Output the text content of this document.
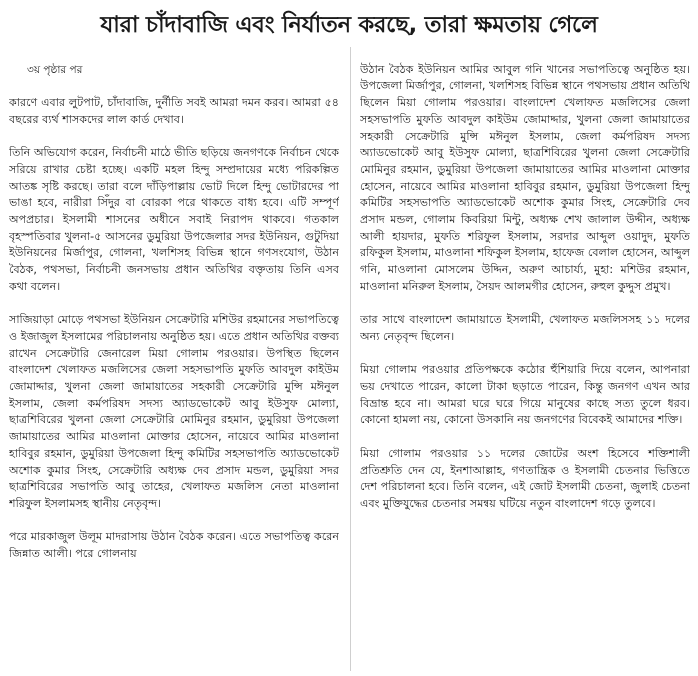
যারা চাঁদাবাজি এবং নির্যাতন করছে, তারা ক্ষমতায় গেলে

৩য় পৃষ্ঠার পর

কারণে এবার লুটপাট, চাঁদাবাজি, দুর্নীতি সবই আমরা দমন করব। আমরা ৫৪ বছরের ব্যর্থ শাসকদের লাল কার্ড দেখাব।

তিনি অভিযোগ করেন, নির্বাচনী মাঠে ভীতি ছড়িয়ে জনগণকে নির্বাচন থেকে সরিয়ে রাখার চেষ্টা হচ্ছে। একটি মহল হিন্দু সম্প্রদায়ের মধ্যে পরিকল্পিত আতঙ্ক সৃষ্টি করছে। তারা বলে দাঁড়িপাল্লায় ভোট দিলে হিন্দু ভোটারদের পা ভাঙা হবে, নারীরা সিঁদুর বা বোরকা পরে থাকতে বাধ্য হবে। এটি সম্পূর্ণ অপপ্রচার। ইসলামী শাসনের অধীনে সবাই নিরাপদ থাকবে। গতকাল বৃহস্পতিবার খুলনা-৫ আসনের ডুমুরিয়া উপজেলার সদর ইউনিয়ন, গুটুদিয়া ইউনিয়নের মির্জাপুর, গোলনা, খলশিসহ বিভিন্ন স্থানে গণসংযোগ, উঠান বৈঠক, পথসভা, নির্বাচনী জনসভায় প্রধান অতিথির বক্তৃতায় তিনি এসব কথা বলেন।

সাজিয়াড়া মোড়ে পথসভা ইউনিয়ন সেক্রেটারি মশিউর রহমানের সভাপতিত্বে ও ইজাজুল ইসলামের পরিচালনায় অনুষ্ঠিত হয়। এতে প্রধান অতিথির বক্তব্য রাখেন সেক্রেটারি জেনারেল মিয়া গোলাম পরওয়ার। উপস্থিত ছিলেন বাংলাদেশ খেলাফত মজলিসের জেলা সহসভাপতি মুফতি আবদুল কাইউম জোমাদ্দার, খুলনা জেলা জামায়াতের সহকারী সেক্রেটারি মুন্সি মঈনুল ইসলাম, জেলা কর্মপরিষদ সদস্য অ্যাডভোকেট আবু ইউসুফ মোল্যা, ছাত্রশিবিরের খুলনা জেলা সেক্রেটারি মোমিনুর রহমান, ডুমুরিয়া উপজেলা জামায়াতের আমির মাওলানা মোক্তার হোসেন, নায়েবে আমির মাওলানা হাবিবুর রহমান, ডুমুরিয়া উপজেলা হিন্দু কমিটির সহসভাপতি অ্যাডভোকেট অশোক কুমার সিংহ, সেক্রেটারি অধ্যক্ষ দেব প্রসাদ মন্ডল, ডুমুরিয়া সদর ছাত্রশিবিরের সভাপতি আবু তাহের, খেলাফত মজলিস নেতা মাওলানা শরিফুল ইসলামসহ স্থানীয় নেতৃবৃন্দ।

পরে মারকাজুল উলূম মাদরাসায় উঠান বৈঠক করেন। এতে সভাপতিত্ব করেন জিন্নাত আলী। পরে গোলনায়

উঠান বৈঠক ইউনিয়ন আমির আবুল গনি খানের সভাপতিত্বে অনুষ্ঠিত হয়। উপজেলা মির্জাপুর, গোলনা, খলশিসহ বিভিন্ন স্থানে পথসভায় প্রধান অতিথি ছিলেন মিয়া গোলাম পরওয়ার। বাংলাদেশ খেলাফত মজলিসের জেলা সহসভাপতি মুফতি আবদুল কাইউম জোমাদ্দার, খুলনা জেলা জামায়াতের সহকারী সেক্রেটারি মুন্সি মঈনুল ইসলাম, জেলা কর্মপরিষদ সদস্য অ্যাডভোকেট আবু ইউসুফ মোল্যা, ছাত্রশিবিরের খুলনা জেলা সেক্রেটারি মোমিনুর রহমান, ডুমুরিয়া উপজেলা জামায়াতের আমির মাওলানা মোক্তার হোসেন, নায়েবে আমির মাওলানা হাবিবুর রহমান, ডুমুরিয়া উপজেলা হিন্দু কমিটির সহসভাপতি অ্যাডভোকেট অশোক কুমার সিংহ, সেক্রেটারি দেব প্রসাদ মন্ডল, গোলাম কিবরিয়া মিন্টু, অধ্যক্ষ শেখ জালাল উদ্দীন, অধ্যক্ষ আলী হায়দার, মুফতি শরিফুল ইসলাম, সরদার আব্দুল ওয়াদুদ, মুফতি রফিকুল ইসলাম, মাওলানা শফিকুল ইসলাম, হাফেজ বেলাল হোসেন, আব্দুল গনি, মাওলানা মোসলেম উদ্দিন, অরুণ আচার্য্য, মুহা: মশিউর রহমান, মাওলানা মনিরুল ইসলাম, সৈয়দ আলমগীর হোসেন, রুহুল কুদ্দুস প্রমুখ।

তার সাথে বাংলাদেশ জামায়াতে ইসলামী, খেলাফত মজলিসসহ ১১ দলের অন্য নেতৃবৃন্দ ছিলেন।

মিয়া গোলাম পরওয়ার প্রতিপক্ষকে কঠোর হুঁশিয়ারি দিয়ে বলেন, আপনারা ভয় দেখাতে পারেন, কালো টাকা ছড়াতে পারেন, কিন্তু জনগণ এখন আর বিভ্রান্ত হবে না। আমরা ঘরে ঘরে গিয়ে মানুষের কাছে সত্য তুলে ধরব। কোনো হামলা নয়, কোনো উসকানি নয় জনগণের বিবেকই আমাদের শক্তি।

মিয়া গোলাম পরওয়ার ১১ দলের জোটের অংশ হিসেবে শক্তিশালী প্রতিশ্রুতি দেন যে, ইনশাআল্লাহ, গণতান্ত্রিক ও ইসলামী চেতনার ভিত্তিতে দেশ পরিচালনা হবে। তিনি বলেন, এই জোট ইসলামী চেতনা, জুলাই চেতনা এবং মুক্তিযুদ্ধের চেতনার সমন্বয় ঘটিয়ে নতুন বাংলাদেশ গড়ে তুলবে।
